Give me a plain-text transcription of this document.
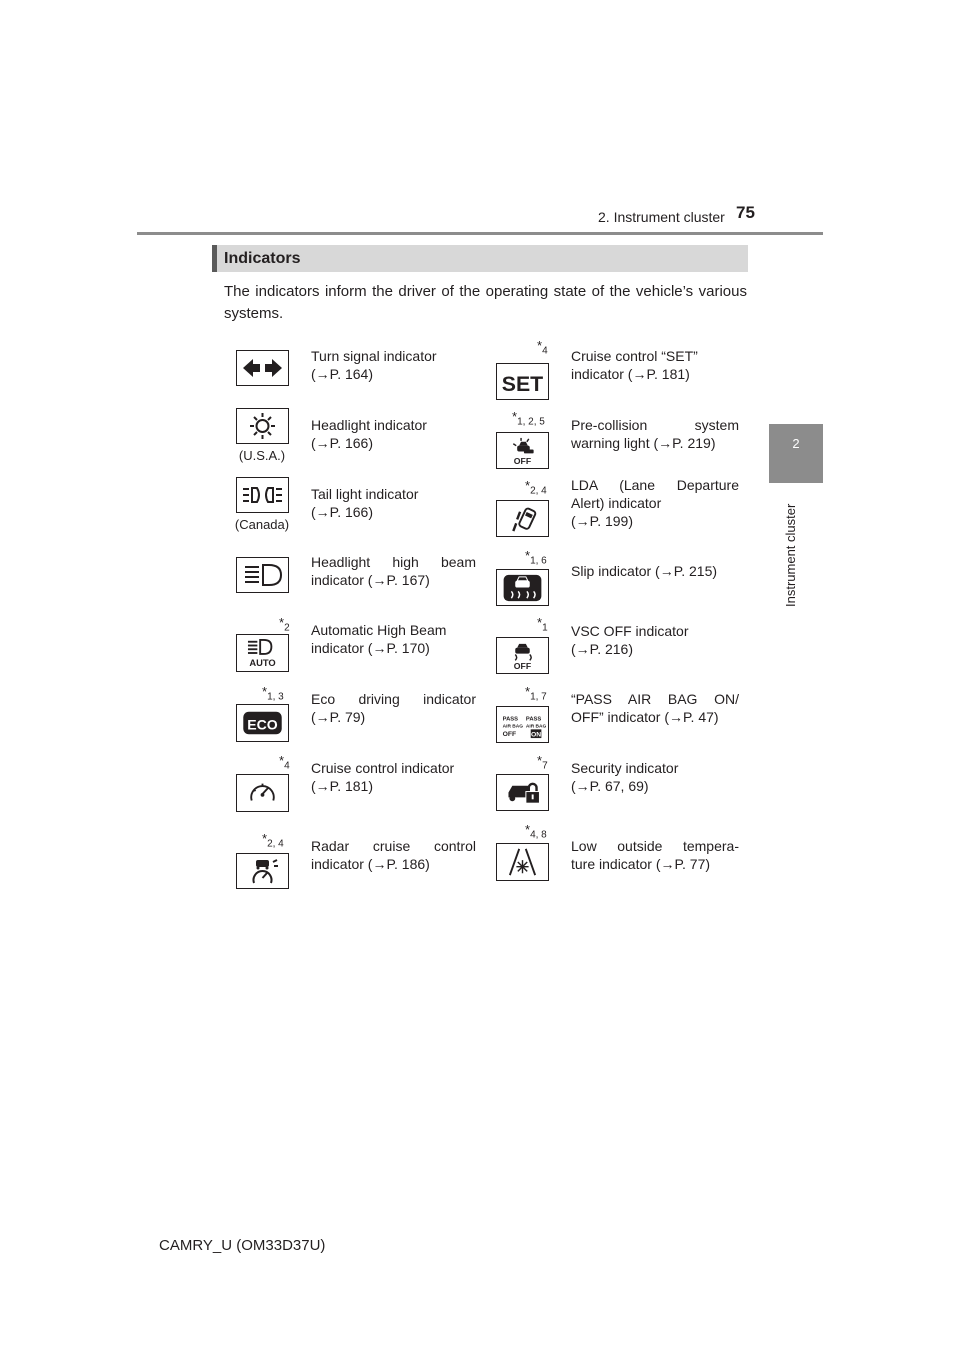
2. Instrument cluster 75
2
Instrument cluster
Indicators
The indicators inform the driver of the operating state of the vehicle’s various systems.
Turn signal indicator
(→P. 164)
(U.S.A.)
Headlight indicator
(→P. 166)
(Canada)
Tail light indicator
(→P. 166)
Headlight high beam
indicator (→P. 167)
$*_2$
AUTO
Automatic High Beam
indicator (→P. 170)
$*_{1, 3}$
ECO
Eco driving indicator
(→P. 79)
$*_4$ Cruise control indicator
(→P. 181)
$*_{2, 4}$ Radar cruise control
indicator (→P. 186)
$*_4$
SET
Cruise control “SET”
indicator (→P. 181)
$*_{1, 2, 5}$
OFF
Pre-collision system
warning light (→P. 219)
$*_{2, 4}$ LDA (Lane Departure
Alert) indicator
(→P. 199)
$*_{1, 6}$
Slip indicator (→P. 215)
$*_1$
OFF
VSC OFF indicator
(→P. 216)
$*_{1, 7}$
PASS
AIR BAG
OFF
PASS
AIR BAG
ON
“PASS AIR BAG ON/
OFF” indicator (→P. 47)
$*_7$ Security indicator
(→P. 67, 69)
$*_{4, 8}$
Low outside tempera-
ture indicator (→P. 77)
CAMRY_U (OM33D37U)
